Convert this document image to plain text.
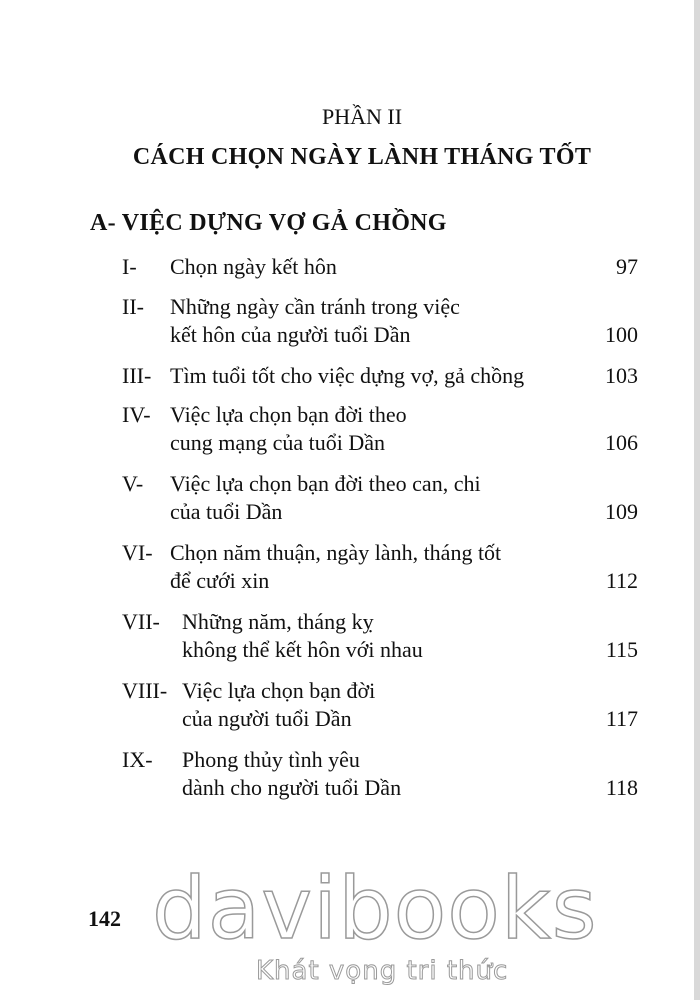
PHẦN II
CÁCH CHỌN NGÀY LÀNH THÁNG TỐT
A- VIỆC DỰNG VỢ GẢ CHỒNG
I- Chọn ngày kết hôn	97
II- Những ngày cần tránh trong việc
kết hôn của người tuổi Dần	100
III- Tìm tuổi tốt cho việc dựng vợ, gả chồng	103
IV- Việc lựa chọn bạn đời theo
cung mạng của tuổi Dần	106
V- Việc lựa chọn bạn đời theo can, chi
của tuổi Dần	109
VI- Chọn năm thuận, ngày lành, tháng tốt
để cưới xin	112
VII- Những năm, tháng kỵ
không thể kết hôn với nhau	115
VIII- Việc lựa chọn bạn đời
của người tuổi Dần	117
IX- Phong thủy tình yêu
dành cho người tuổi Dần	118
142 davibooks
Khát vọng tri thức
